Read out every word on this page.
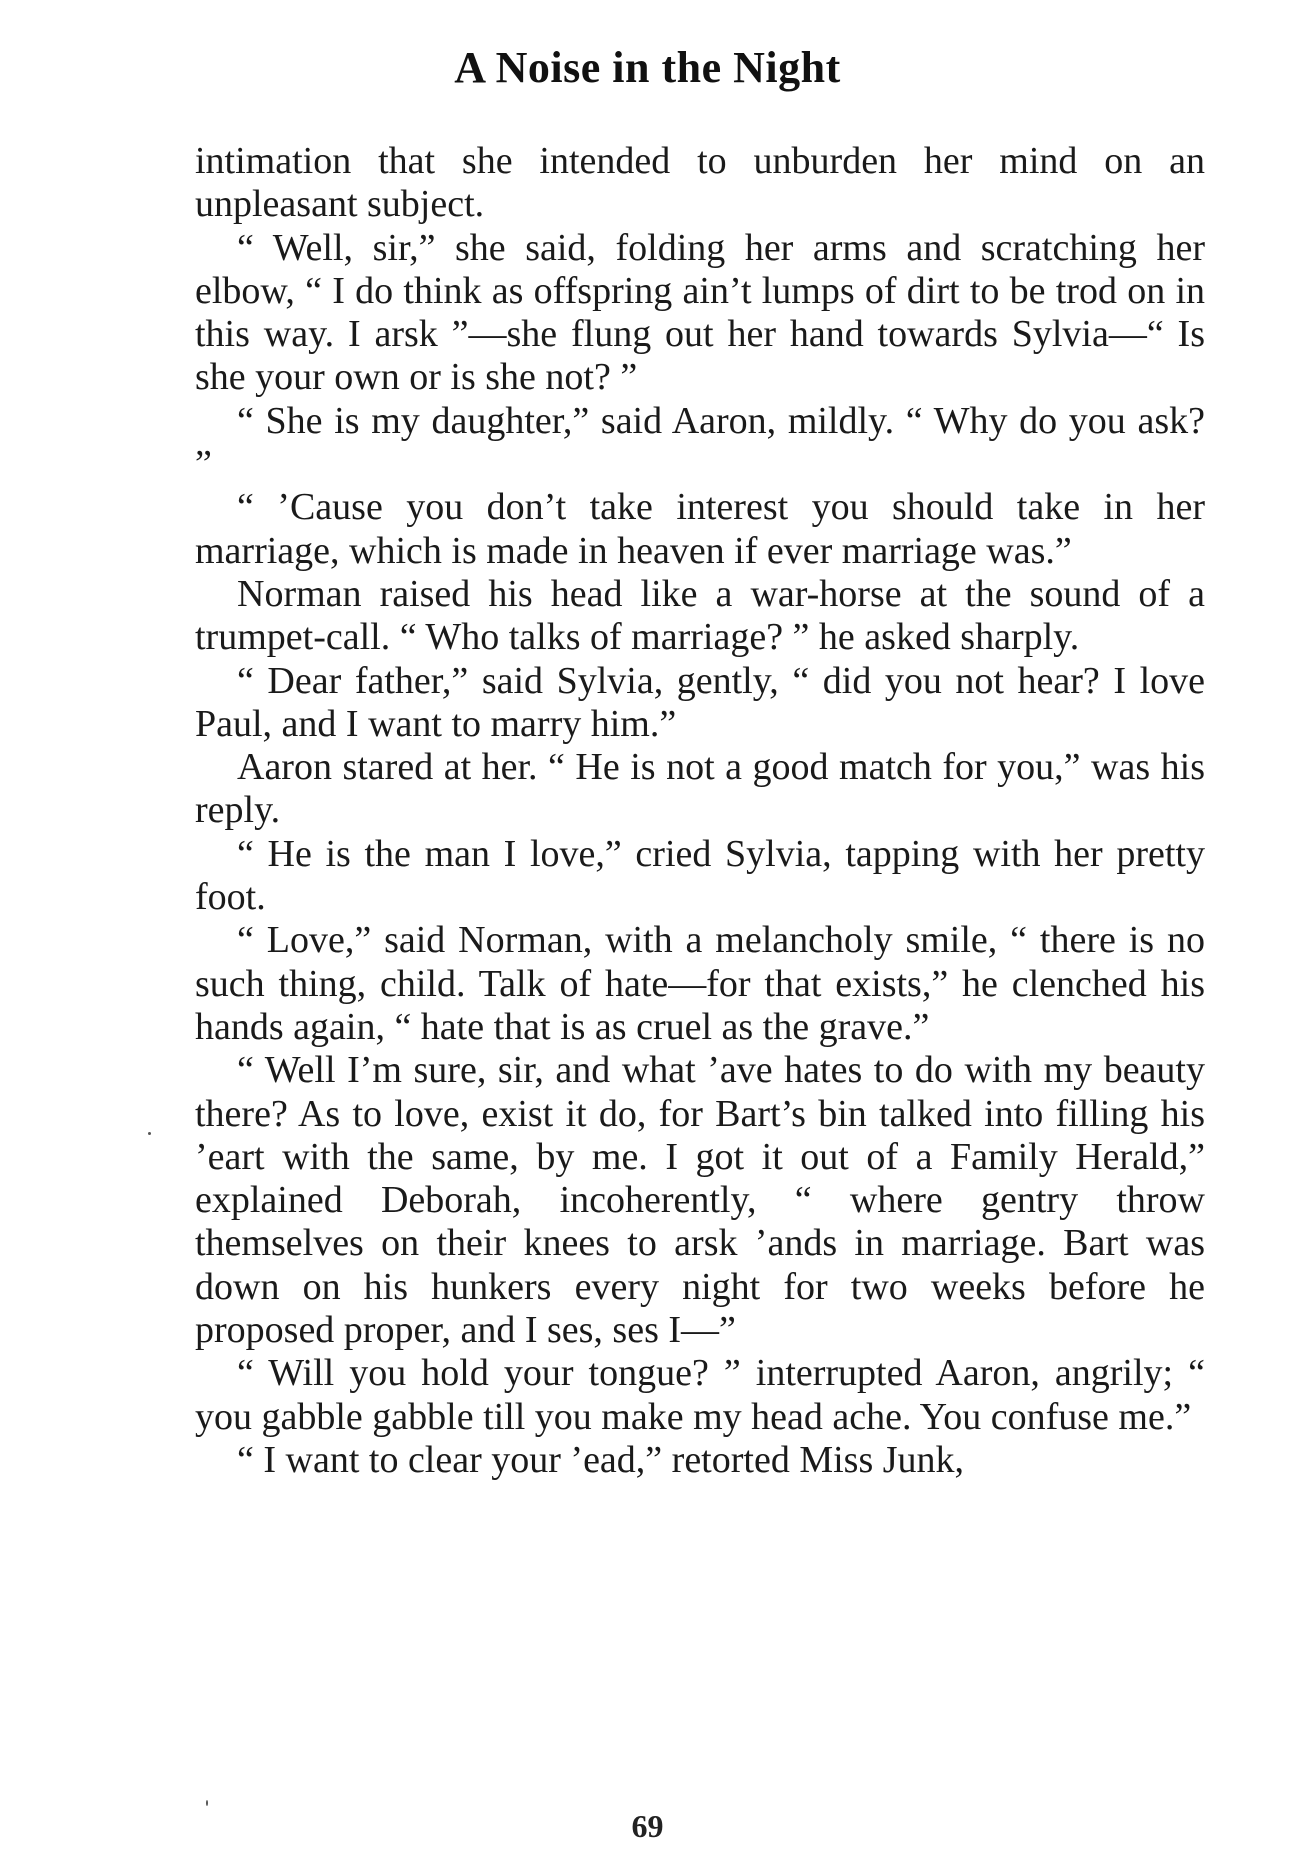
A Noise in the Night

intimation that she intended to unburden her mind on an unpleasant subject.

“ Well, sir,” she said, folding her arms and scratching her elbow, “ I do think as offspring ain’t lumps of dirt to be trod on in this way. I arsk ”—she flung out her hand towards Sylvia—“ Is she your own or is she not? ”

“ She is my daughter,” said Aaron, mildly. “ Why do you ask? ”

“ ’Cause you don’t take interest you should take in her marriage, which is made in heaven if ever marriage was.”

Norman raised his head like a war-horse at the sound of a trumpet-call. “ Who talks of marriage? ” he asked sharply.

“ Dear father,” said Sylvia, gently, “ did you not hear? I love Paul, and I want to marry him.”

Aaron stared at her. “ He is not a good match for you,” was his reply.

“ He is the man I love,” cried Sylvia, tapping with her pretty foot.

“ Love,” said Norman, with a melancholy smile, “ there is no such thing, child. Talk of hate—for that exists,” he clenched his hands again, “ hate that is as cruel as the grave.”

“ Well I’m sure, sir, and what ’ave hates to do with my beauty there? As to love, exist it do, for Bart’s bin talked into filling his ’eart with the same, by me. I got it out of a Family Herald,” explained Deborah, incoherently, “ where gentry throw themselves on their knees to arsk ’ands in marriage. Bart was down on his hunkers every night for two weeks before he proposed proper, and I ses, ses I—”

“ Will you hold your tongue? ” interrupted Aaron, angrily; “ you gabble gabble till you make my head ache. You confuse me.”

“ I want to clear your ’ead,” retorted Miss Junk,

69
